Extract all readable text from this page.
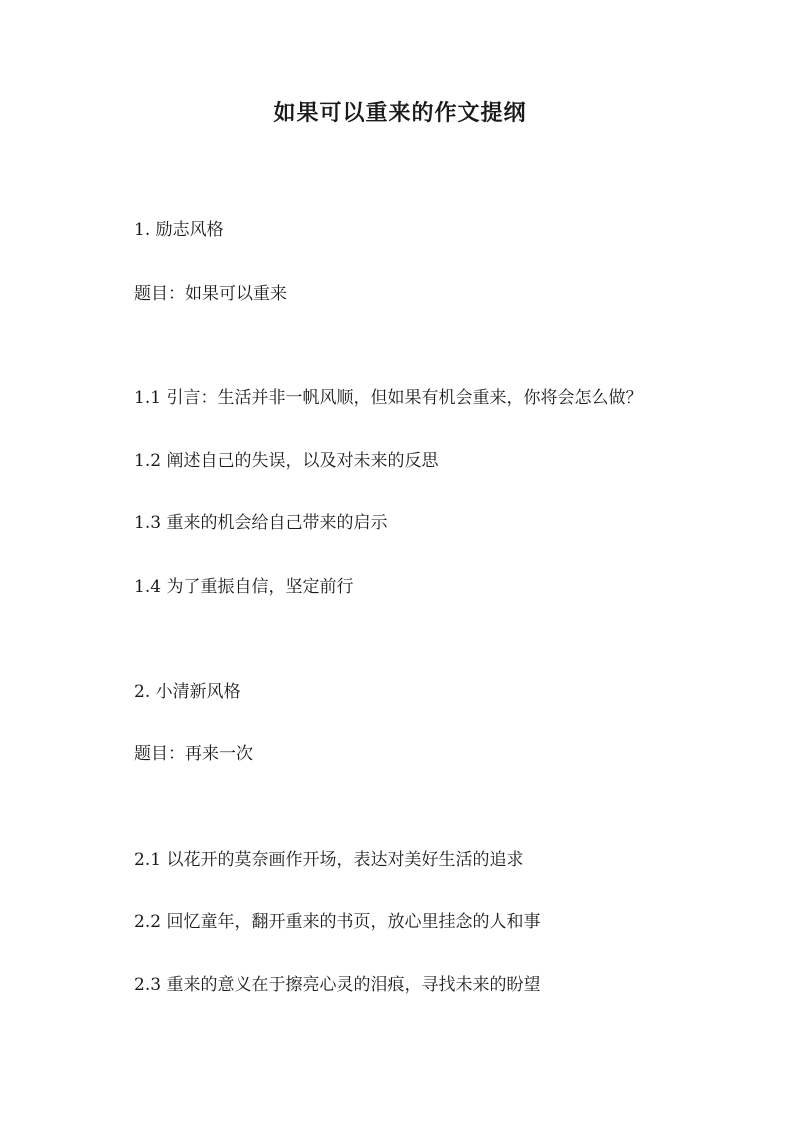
如果可以重来的作文提纲
1. 励志风格
题目：如果可以重来
1.1 引言：生活并非一帆风顺，但如果有机会重来，你将会怎么做？
1.2 阐述自己的失误，以及对未来的反思
1.3 重来的机会给自己带来的启示
1.4 为了重振自信，坚定前行
2. 小清新风格
题目：再来一次
2.1 以花开的莫奈画作开场，表达对美好生活的追求
2.2 回忆童年，翻开重来的书页，放心里挂念的人和事
2.3 重来的意义在于擦亮心灵的泪痕，寻找未来的盼望
